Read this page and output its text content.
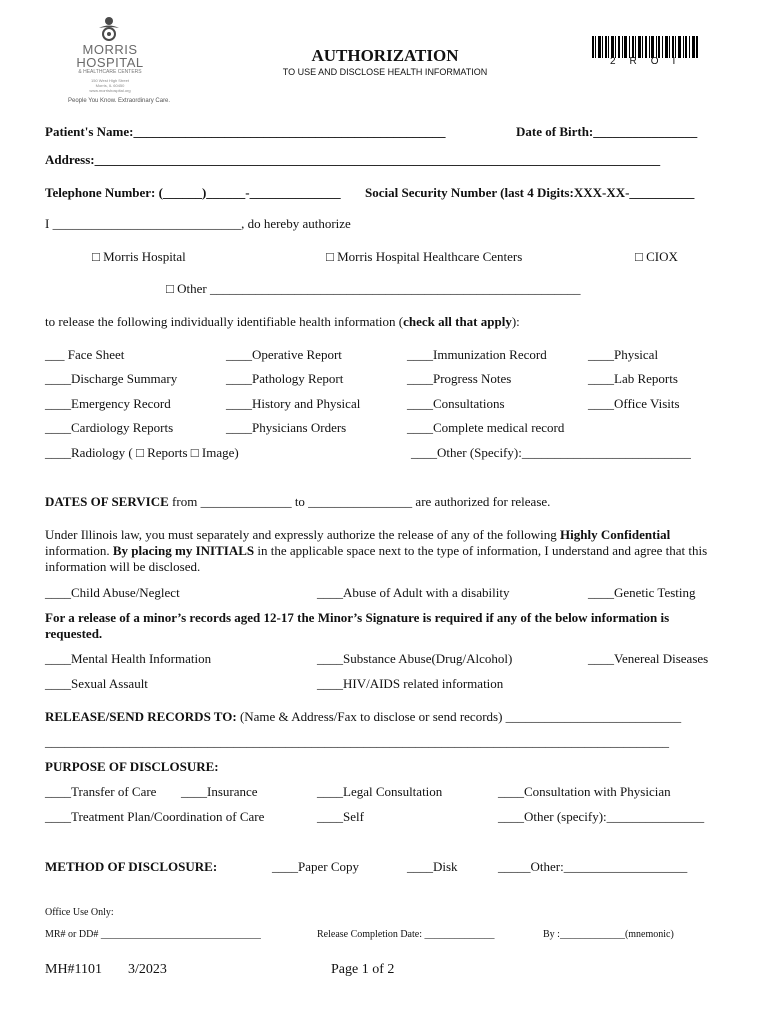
MORRIS
HOSPITAL
& HEALTHCARE CENTERS
150 West High Street
Morris, IL 60450
www.morrishospital.org
People You Know. Extraordinary Care.
AUTHORIZATION
TO USE AND DISCLOSE HEALTH INFORMATION
2ROI
Patient's Name:________________________________________________	Date of Birth:________________
Address:_______________________________________________________________________________________
Telephone Number: (______)______-______________ Social Security Number (last 4 Digits:XXX-XX-__________
I _____________________________, do hereby authorize
□ Morris Hospital	□ Morris Hospital Healthcare Centers	□ CIOX
□ Other _________________________________________________________
to release the following individually identifiable health information (check all that apply):
___ Face Sheet	____Operative Report	____Immunization Record	____Physical
____Discharge Summary	____Pathology Report	____Progress Notes	____Lab Reports
____Emergency Record	____History and Physical	____Consultations	____Office Visits
____Cardiology Reports	____Physicians Orders	____Complete medical record
____Radiology ( □ Reports □ Image)	____Other (Specify):__________________________
DATES OF SERVICE from ______________ to ________________ are authorized for release.
Under Illinois law, you must separately and expressly authorize the release of any of the following Highly Confidential information. By placing my INITIALS in the applicable space next to the type of information, I understand and agree that this information will be disclosed.
____Child Abuse/Neglect	____Abuse of Adult with a disability	____Genetic Testing
For a release of a minor’s records aged 12-17 the Minor’s Signature is required if any of the below information is requested.
____Mental Health Information	____Substance Abuse(Drug/Alcohol)	____Venereal Diseases
____Sexual Assault	____HIV/AIDS related information
RELEASE/SEND RECORDS TO: (Name & Address/Fax to disclose or send records) ___________________________
________________________________________________________________________________________________
PURPOSE OF DISCLOSURE:
____Transfer of Care ____Insurance	____Legal Consultation	____Consultation with Physician
____Treatment Plan/Coordination of Care	____Self	____Other (specify):_______________
METHOD OF DISCLOSURE:	____Paper Copy	____Disk	_____Other:___________________
Office Use Only:
MR# or DD# ________________________________	Release Completion Date: ______________	By :_____________(mnemonic)
MH#1101 3/2023	Page 1 of 2
